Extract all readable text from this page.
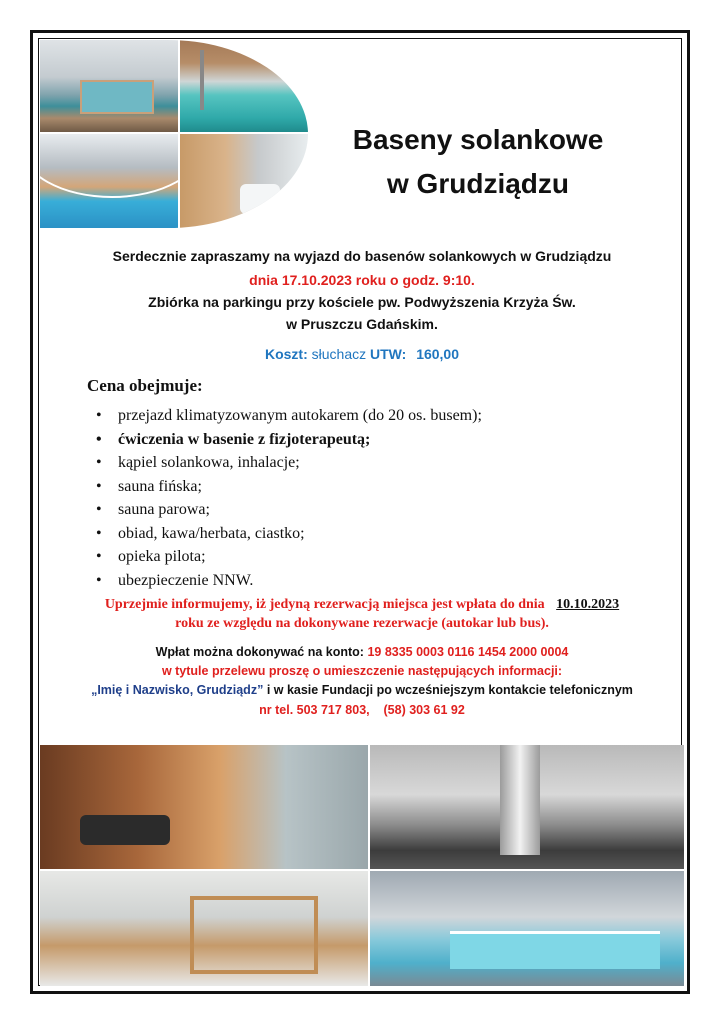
Baseny solankowe
w Grudziądzu
Serdecznie zapraszamy na wyjazd do basenów solankowych w Grudziądzu
dnia 17.10.2023 roku o godz. 9:10.
Zbiórka na parkingu przy kościele pw. Podwyższenia Krzyża Św.
w Pruszczu Gdańskim.
Koszt: słuchacz UTW: 160,00
Cena obejmuje:
• przejazd klimatyzowanym autokarem (do 20 os. busem);
• ćwiczenia w basenie z fizjoterapeutą;
• kąpiel solankowa, inhalacje;
• sauna fińska;
• sauna parowa;
• obiad, kawa/herbata, ciastko;
• opieka pilota;
• ubezpieczenie NNW.
Uprzejmie informujemy, iż jedyną rezerwacją miejsca jest wpłata do dnia 10.10.2023
roku ze względu na dokonywane rezerwacje (autokar lub bus).
Wpłat można dokonywać na konto: 19 8335 0003 0116 1454 2000 0004
w tytule przelewu proszę o umieszczenie następujących informacji:
„Imię i Nazwisko, Grudziądz” i w kasie Fundacji po wcześniejszym kontakcie telefonicznym
nr tel. 503 717 803,    (58) 303 61 92
